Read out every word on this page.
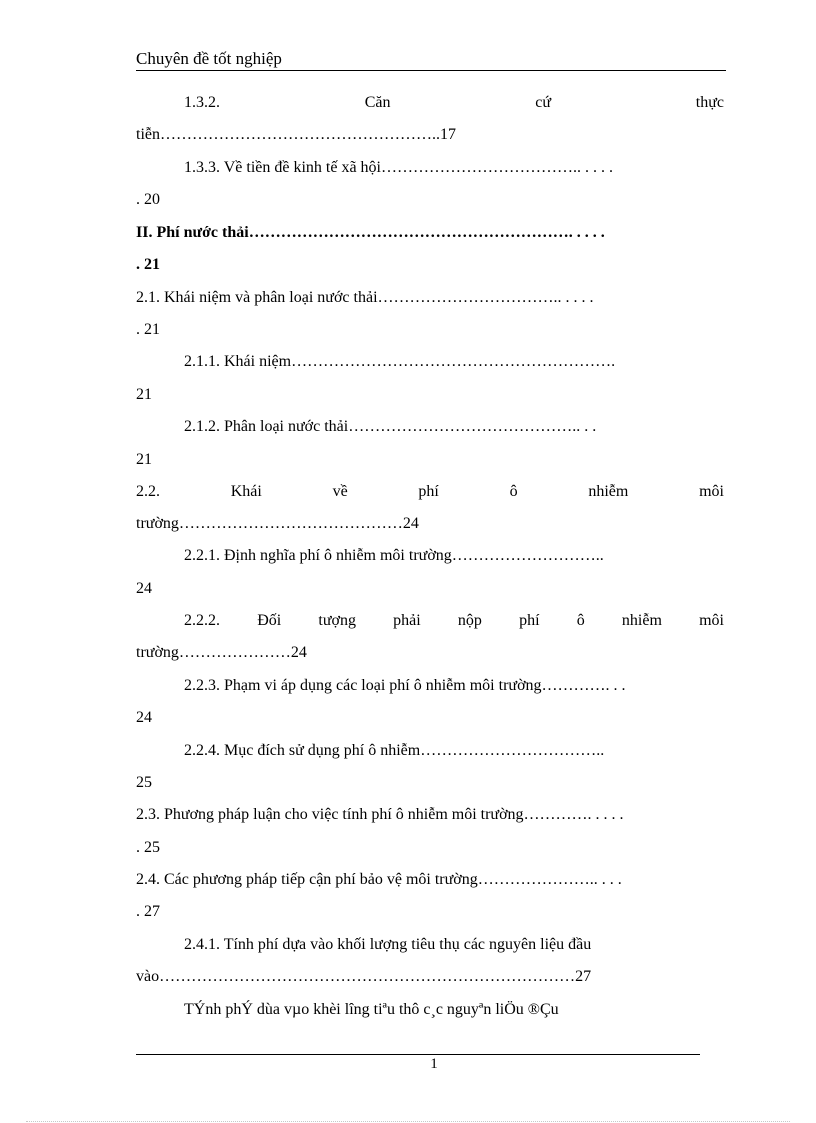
Chuyên đề tốt nghiệp
1.3.2.	Căn	cứ	thực
tiễn……………………………………………..17
1.3.3. Về tiền đề kinh tế xã hội……………………………….. . . . .
. 20
II. Phí nước thải……………………………………………………. . . . .
. 21
2.1. Khái niệm và phân loại nước thải…………………………….. . . . .
. 21
2.1.1. Khái niệm…………………………………………………….
21
2.1.2. Phân loại nước thải…………………………………….. . .
21
2.2.	Khái	về	phí	ô	nhiễm	môi
trường……………………………………24
2.2.1. Định nghĩa phí ô nhiễm môi trường………………………..
24
2.2.2. Đối tượng phải nộp phí ô nhiễm môi
trường…………………24
2.2.3. Phạm vi áp dụng các loại phí ô nhiễm môi trường…………. . .
24
2.2.4. Mục đích sử dụng phí ô nhiễm……………………………..
25
2.3. Phương pháp luận cho việc tính phí ô nhiễm môi trường…………. . . . .
. 25
2.4. Các phương pháp tiếp cận phí bảo vệ môi trường………………….. . . .
. 27
2.4.1. Tính phí dựa vào khối lượng tiêu thụ các nguyên liệu đầu
vào……………………………………………………………………27
TÝnh phÝ dùa vµo khèi lîng tiªu thô c¸c nguyªn liÖu ®Çu
1
